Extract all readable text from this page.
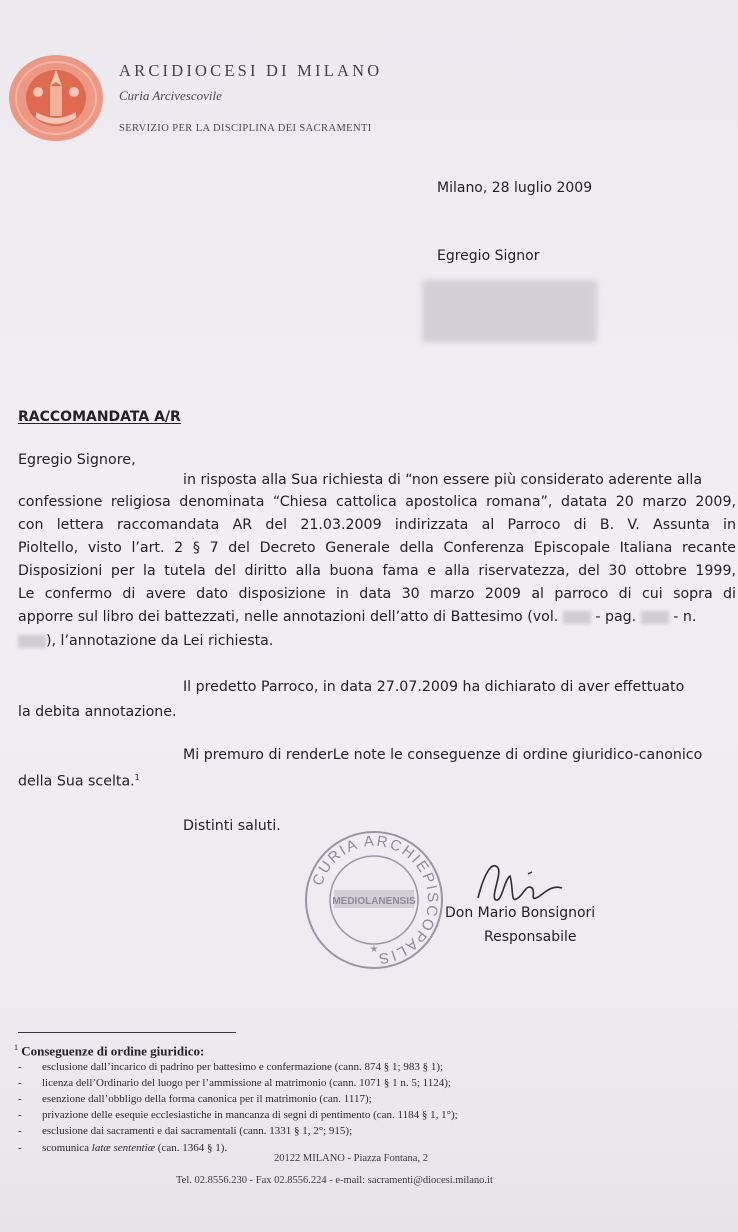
ARCIDIOCESI DI MILANO
Curia Arcivescovile
SERVIZIO PER LA DISCIPLINA DEI SACRAMENTI
Milano, 28 luglio 2009
Egregio Signor
RACCOMANDATA A/R
Egregio Signore,
in risposta alla Sua richiesta di “non essere più considerato aderente alla
confessione religiosa denominata “Chiesa cattolica apostolica romana”, datata 20 marzo 2009,
con lettera raccomandata AR del 21.03.2009 indirizzata al Parroco di B. V. Assunta in
Pioltello, visto l’art. 2 § 7 del Decreto Generale della Conferenza Episcopale Italiana recante
Disposizioni per la tutela del diritto alla buona fama e alla riservatezza, del 30 ottobre 1999,
Le confermo di avere dato disposizione in data 30 marzo 2009 al parroco di cui sopra di
apporre sul libro dei battezzati, nelle annotazioni dell’atto di Battesimo (vol.	- pag.	- n.
), l’annotazione da Lei richiesta.
Il predetto Parroco, in data 27.07.2009 ha dichiarato di aver effettuato
la debita annotazione.
Mi premuro di renderLe note le conseguenze di ordine giuridico-canonico
della Sua scelta.$^1$
Distinti saluti.
CURIA ARCHIEPISCOPALIS
MEDIOLANENSIS
★
Don Mario Bonsignori
Responsabile
$^1$ Conseguenze di ordine giuridico:
- esclusione dall’incarico di padrino per battesimo e confermazione (cann. 874 § 1; 983 § 1);
- licenza dell’Ordinario del luogo per l’ammissione al matrimonio (cann. 1071 § 1 n. 5; 1124);
- esenzione dall’obbligo della forma canonica per il matrimonio (can. 1117);
- privazione delle esequie ecclesiastiche in mancanza di segni di pentimento (can. 1184 § 1, 1°);
- esclusione dai sacramenti e dai sacramentali (cann. 1331 § 1, 2°; 915);
- scomunica latæ sententiæ (can. 1364 § 1).
20122 MILANO - Piazza Fontana, 2
Tel. 02.8556.230 - Fax 02.8556.224 - e-mail: sacramenti@diocesi.milano.it
